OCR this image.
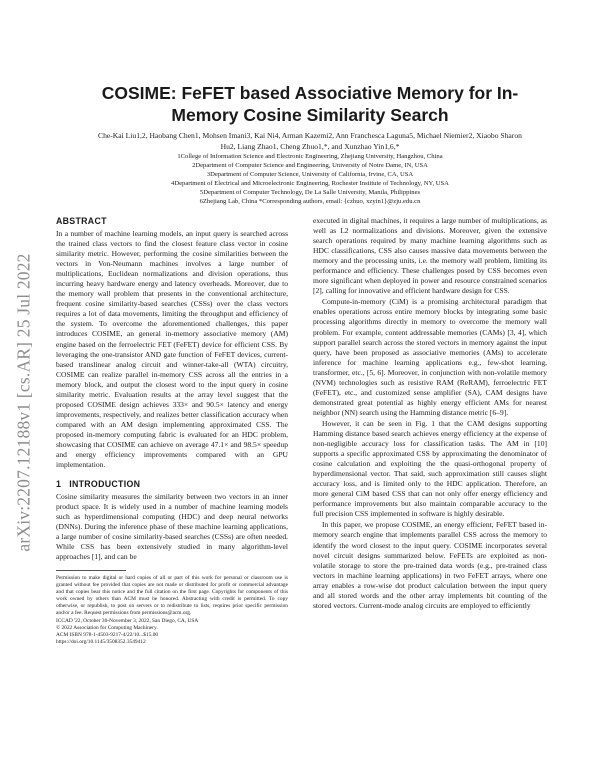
arXiv:2207.12188v1 [cs.AR] 25 Jul 2022
COSIME: FeFET based Associative Memory for In-Memory Cosine Similarity Search
Che-Kai Liu1,2, Haobang Chen1, Mohsen Imani3, Kai Ni4, Arman Kazemi2, Ann Franchesca Laguna5, Michael Niemier2, Xiaobo Sharon Hu2, Liang Zhao1, Cheng Zhuo1,*, and Xunzhao Yin1,6,*
1College of Information Science and Electronic Engineering, Zhejiang University, Hangzhou, China
2Department of Computer Science and Engineering, University of Notre Dame, IN, USA
3Department of Computer Science, University of California, Irvine, CA, USA
4Department of Electrical and Microelectronic Engineering, Rochester Institute of Technology, NY, USA
5Department of Computer Technology, De La Salle University, Manila, Philippines
6Zhejiang Lab, China *Corresponding authors, email: {czhuo, xzyin1}@zju.edu.cn
ABSTRACT

In a number of machine learning models, an input query is searched across the trained class vectors to find the closest feature class vector in cosine similarity metric. However, performing the cosine similarities between the vectors in Von-Neumann machines involves a large number of multiplications, Euclidean normalizations and division operations, thus incurring heavy hardware energy and latency overheads. Moreover, due to the memory wall problem that presents in the conventional architecture, frequent cosine similarity-based searches (CSSs) over the class vectors requires a lot of data movements, limiting the throughput and efficiency of the system. To overcome the aforementioned challenges, this paper introduces COSIME, an general in-memory associative memory (AM) engine based on the ferroelectric FET (FeFET) device for efficient CSS. By leveraging the one-transistor AND gate function of FeFET devices, current-based translinear analog circuit and winner-take-all (WTA) circuitry, COSIME can realize parallel in-memory CSS across all the entries in a memory block, and output the closest word to the input query in cosine similarity metric. Evaluation results at the array level suggest that the proposed COSIME design achieves 333× and 90.5× latency and energy improvements, respectively, and realizes better classification accuracy when compared with an AM design implementing approximated CSS. The proposed in-memory computing fabric is evaluated for an HDC problem, showcasing that COSIME can achieve on average 47.1× and 98.5× speedup and energy efficiency improvements compared with an GPU implementation.

1 INTRODUCTION

Cosine similarity measures the similarity between two vectors in an inner product space. It is widely used in a number of machine learning models such as hyperdimensional computing (HDC) and deep neural networks (DNNs). During the inference phase of these machine learning applications, a large number of cosine similarity-based searches (CSSs) are often needed. While CSS has been extensively studied in many algorithm-level approaches [1], and can be

Permission to make digital or hard copies of all or part of this work for personal or classroom use is granted without fee provided that copies are not made or distributed for profit or commercial advantage and that copies bear this notice and the full citation on the first page. Copyrights for components of this work owned by others than ACM must be honored. Abstracting with credit is permitted. To copy otherwise, or republish, to post on servers or to redistribute to lists, requires prior specific permission and/or a fee. Request permissions from permissions@acm.org.

ICCAD '22, October 30-November 3, 2022, San Diego, CA, USA

© 2022 Association for Computing Machinery.

ACM ISBN 978-1-4503-9217-4/22/10...$15.00

https://doi.org/10.1145/3508352.3549412

executed in digital machines, it requires a large number of multiplications, as well as L2 normalizations and divisions. Moreover, given the extensive search operations required by many machine learning algorithms such as HDC classifications, CSS also causes massive data movements between the memory and the processing units, i.e. the memory wall problem, limiting its performance and efficiency. These challenges posed by CSS becomes even more significant when deployed in power and resource constrained scenarios [2], calling for innovative and efficient hardware design for CSS.

Compute-in-memory (CiM) is a promising architectural paradigm that enables operations across entire memory blocks by integrating some basic processing algorithms directly in memory to overcome the memory wall problem. For example, content addressable memories (CAMs) [3, 4], which support parallel search across the stored vectors in memory against the input query, have been proposed as associative memories (AMs) to accelerate inference for machine learning applications e.g., few-shot learning, transformer, etc., [5, 6]. Moreover, in conjunction with non-volatile memory (NVM) technologies such as resistive RAM (ReRAM), ferroelectric FET (FeFET), etc., and customized sense amplifier (SA), CAM designs have demonstrated great potential as highly energy efficient AMs for nearest neighbor (NN) search using the Hamming distance metric [6–9].

However, it can be seen in Fig. 1 that the CAM designs supporting Hamming distance based search achieves energy efficiency at the expense of non-negligible accuracy loss for classification tasks. The AM in [10] supports a specific approximated CSS by approximating the denominator of cosine calculation and exploiting the the quasi-orthogonal property of hyperdimensional vector. That said, such approximation still causes slight accuracy loss, and is limited only to the HDC application. Therefore, an more general CiM based CSS that can not only offer energy efficiency and performance improvements but also maintain comparable accuracy to the full precision CSS implemented in software is highly desirable.

In this paper, we propose COSIME, an energy efficient, FeFET based in-memory search engine that implements parallel CSS across the memory to identify the word closest to the input query. COSIME incorporates several novel circuit designs summarized below. FeFETs are exploited as non-volatile storage to store the pre-trained data words (e.g., pre-trained class vectors in machine learning applications) in two FeFET arrays, where one array enables a row-wise dot product calculation between the input query and all stored words and the other array implements bit counting of the stored vectors. Current-mode analog circuits are employed to efficiently
